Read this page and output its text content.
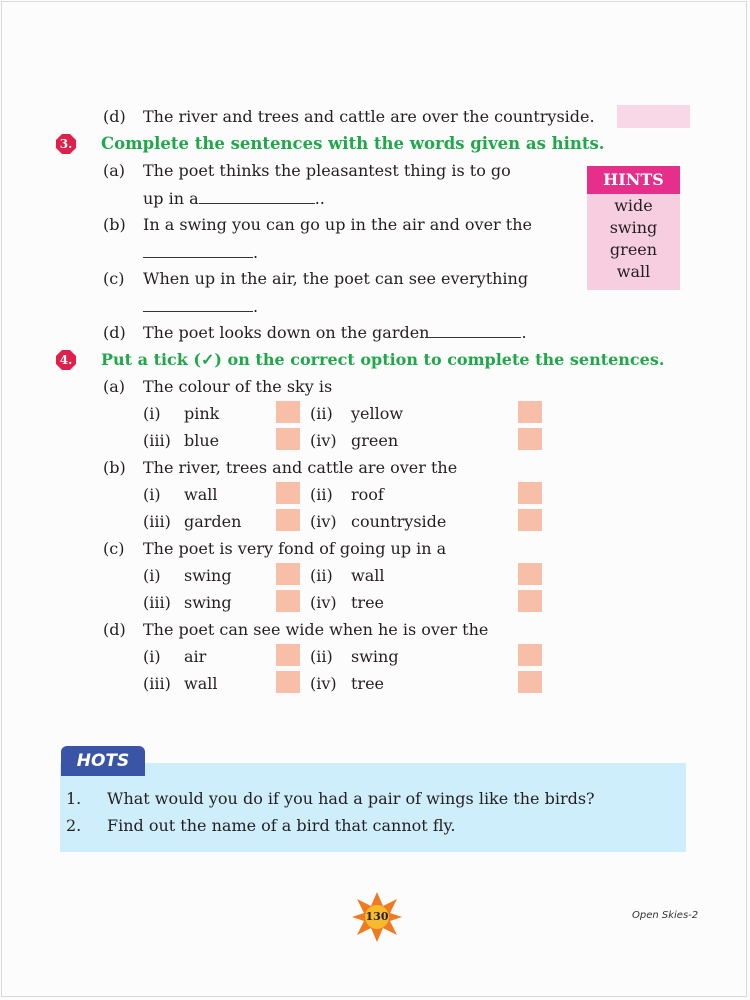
(d)	The river and trees and cattle are over the countryside.
3. Complete the sentences with the words given as hints.
(a) The poet thinks the pleasantest thing is to go
up in a	..
(b) In a swing you can go up in the air and over the
.
(c) When up in the air, the poet can see everything
.
(d) The poet looks down on the garden	.
HINTS
wide
swing
green
wall
4. Put a tick (✓) on the correct option to complete the sentences.
(a) The colour of the sky is
(i) pink	(ii) yellow
(iii) blue	(iv) green
(b) The river, trees and cattle are over the
(i) wall	(ii) roof
(iii) garden	(iv) countryside
(c) The poet is very fond of going up in a
(i) swing	(ii) wall
(iii) swing	(iv) tree
(d) The poet can see wide when he is over the
(i) air	(ii) swing
(iii) wall	(iv) tree
HOTS
1. What would you do if you had a pair of wings like the birds?
2. Find out the name of a bird that cannot fly.
130	Open Skies-2
